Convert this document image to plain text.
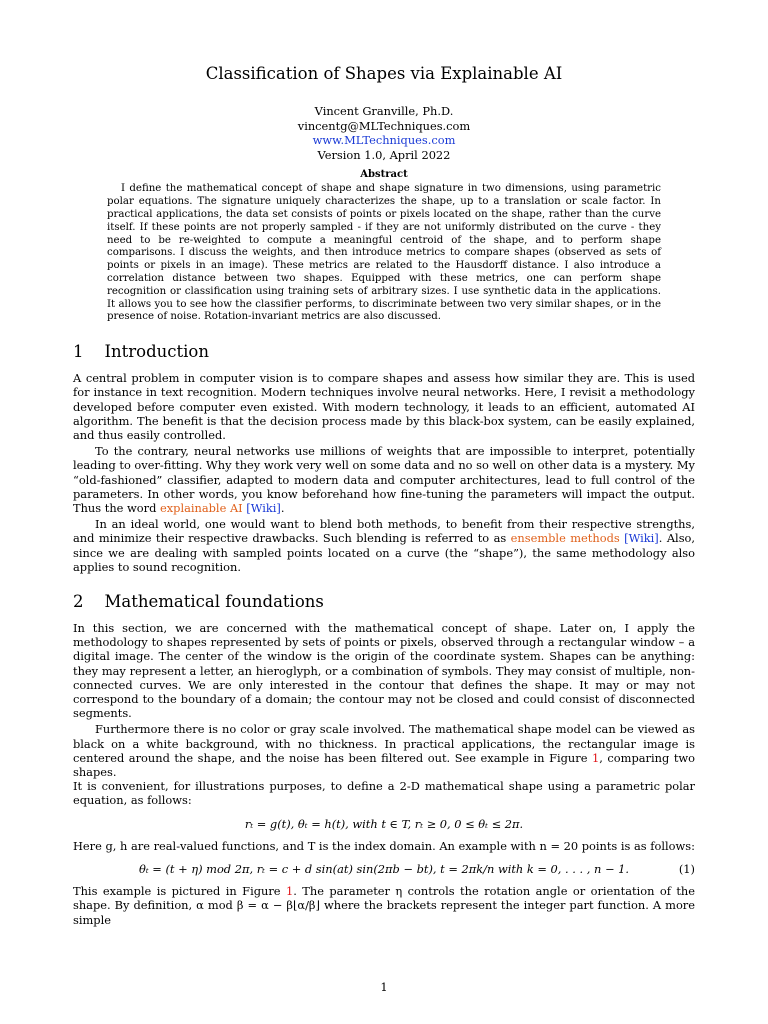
Classification of Shapes via Explainable AI
Vincent Granville, Ph.D.
vincentg@MLTechniques.com
www.MLTechniques.com
Version 1.0, April 2022
Abstract

I define the mathematical concept of shape and shape signature in two dimensions, using parametric polar equations. The signature uniquely characterizes the shape, up to a translation or scale factor. In practical applications, the data set consists of points or pixels located on the shape, rather than the curve itself. If these points are not properly sampled - if they are not uniformly distributed on the curve - they need to be re-weighted to compute a meaningful centroid of the shape, and to perform shape comparisons. I discuss the weights, and then introduce metrics to compare shapes (observed as sets of points or pixels in an image). These metrics are related to the Hausdorff distance. I also introduce a correlation distance between two shapes. Equipped with these metrics, one can perform shape recognition or classification using training sets of arbitrary sizes. I use synthetic data in the applications. It allows you to see how the classifier performs, to discriminate between two very similar shapes, or in the presence of noise. Rotation-invariant metrics are also discussed.

1 Introduction

A central problem in computer vision is to compare shapes and assess how similar they are. This is used for instance in text recognition. Modern techniques involve neural networks. Here, I revisit a methodology developed before computer even existed. With modern technology, it leads to an efficient, automated AI algorithm. The benefit is that the decision process made by this black-box system, can be easily explained, and thus easily controlled.

To the contrary, neural networks use millions of weights that are impossible to interpret, potentially leading to over-fitting. Why they work very well on some data and no so well on other data is a mystery. My “old-fashioned” classifier, adapted to modern data and computer architectures, lead to full control of the parameters. In other words, you know beforehand how fine-tuning the parameters will impact the output. Thus the word explainable AI [Wiki].

In an ideal world, one would want to blend both methods, to benefit from their respective strengths, and minimize their respective drawbacks. Such blending is referred to as ensemble methods [Wiki]. Also, since we are dealing with sampled points located on a curve (the “shape”), the same methodology also applies to sound recognition.

2 Mathematical foundations

In this section, we are concerned with the mathematical concept of shape. Later on, I apply the methodology to shapes represented by sets of points or pixels, observed through a rectangular window – a digital image. The center of the window is the origin of the coordinate system. Shapes can be anything: they may represent a letter, an hieroglyph, or a combination of symbols. They may consist of multiple, non-connected curves. We are only interested in the contour that defines the shape. It may or may not correspond to the boundary of a domain; the contour may not be closed and could consist of disconnected segments.

Furthermore there is no color or gray scale involved. The mathematical shape model can be viewed as black on a white background, with no thickness. In practical applications, the rectangular image is centered around the shape, and the noise has been filtered out. See example in Figure 1, comparing two shapes.

It is convenient, for illustrations purposes, to define a 2-D mathematical shape using a parametric polar equation, as follows:

rₜ = g(t), θₜ = h(t), with t ∈ T, rₜ ≥ 0, 0 ≤ θₜ ≤ 2π.

Here g, h are real-valued functions, and T is the index domain. An example with n = 20 points is as follows:

θₜ = (t + η) mod 2π, rₜ = c + d sin(at) sin(2πb − bt), t = 2πk/n with k = 0, . . . , n − 1.	(1)

This example is pictured in Figure 1. The parameter η controls the rotation angle or orientation of the shape. By definition, α mod β = α − β⌊α/β⌋ where the brackets represent the integer part function. A more simple

1
